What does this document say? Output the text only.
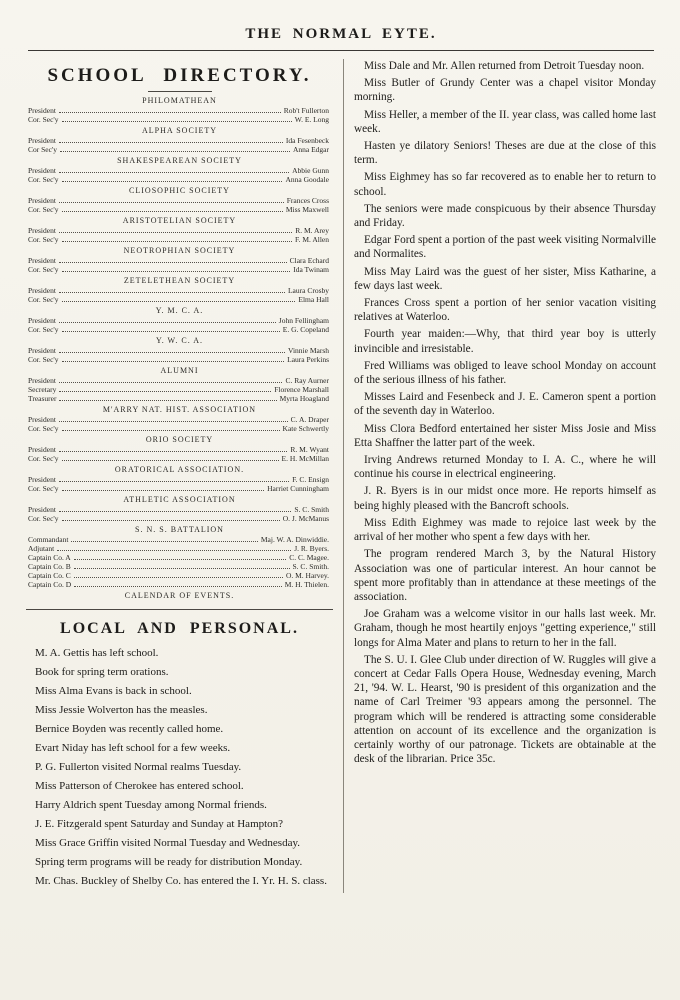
THE NORMAL EYTE.
SCHOOL DIRECTORY.
PHILOMATHEAN
President	Rob't Fullerton
Cor. Sec'y	W. E. Long
ALPHA SOCIETY
President	Ida Fesenbeck
Cor Sec'y	Anna Edgar
SHAKESPEAREAN SOCIETY
President	Abbie Gunn
Cor. Sec'y	Anna Goodale
CLIOSOPHIC SOCIETY
President	Frances Cross
Cor. Sec'y	Miss Maxwell
ARISTOTELIAN SOCIETY
President	R. M. Arey
Cor. Sec'y	F. M. Allen
NEOTROPHIAN SOCIETY
President	Clara Echard
Cor. Sec'y	Ida Twinam
ZETELETHEAN SOCIETY
President	Laura Crosby
Cor. Sec'y	Elma Hall
Y. M. C. A.
President	John Fellingham
Cor. Sec'y	E. G. Copeland
Y. W. C. A.
President	Vinnie Marsh
Cor. Sec'y	Laura Perkins
ALUMNI
President	C. Ray Aurner
Secretary	Florence Marshall
Treasurer	Myrta Hoagland
M'ARRY NAT. HIST. ASSOCIATION
President	C. A. Draper
Cor. Sec'y	Kate Schwertly
ORIO SOCIETY
President	R. M. Wyant
Cor. Sec'y	E. H. McMillan
ORATORICAL ASSOCIATION.
President	F. C. Ensign
Cor. Sec'y	Harriet Cunningham
ATHLETIC ASSOCIATION
President	S. C. Smith
Cor. Sec'y	O. J. McManus
S. N. S. BATTALION
Commandant	Maj. W. A. Dinwiddie.
Adjutant	J. R. Byers.
Captain Co. A	C. C. Magee.
Captain Co. B	S. C. Smith.
Captain Co. C	O. M. Harvey.
Captain Co. D	M. H. Thielen.
CALENDAR OF EVENTS.
LOCAL AND PERSONAL.

M. A. Gettis has left school.

Book for spring term orations.

Miss Alma Evans is back in school.

Miss Jessie Wolverton has the measles.

Bernice Boyden was recently called home.

Evart Niday has left school for a few weeks.

P. G. Fullerton visited Normal realms Tuesday.

Miss Patterson of Cherokee has entered school.

Harry Aldrich spent Tuesday among Normal friends.

J. E. Fitzgerald spent Saturday and Sunday at Hampton?

Miss Grace Griffin visited Normal Tuesday and Wednesday.

Spring term programs will be ready for distribution Monday.

Mr. Chas. Buckley of Shelby Co. has entered the I. Yr. H. S. class.

Miss Dale and Mr. Allen returned from Detroit Tuesday noon.

Miss Butler of Grundy Center was a chapel visitor Monday morning.

Miss Heller, a member of the II. year class, was called home last week.

Hasten ye dilatory Seniors! Theses are due at the close of this term.

Miss Eighmey has so far recovered as to enable her to return to school.

The seniors were made conspicuous by their absence Thursday and Friday.

Edgar Ford spent a portion of the past week visiting Normalville and Normalites.

Miss May Laird was the guest of her sister, Miss Katharine, a few days last week.

Frances Cross spent a portion of her senior vacation visiting relatives at Waterloo.

Fourth year maiden:—Why, that third year boy is utterly invincible and irresistable.

Fred Williams was obliged to leave school Monday on account of the serious illness of his father.

Misses Laird and Fesenbeck and J. E. Cameron spent a portion of the seventh day in Waterloo.

Miss Clora Bedford entertained her sister Miss Josie and Miss Etta Shaffner the latter part of the week.

Irving Andrews returned Monday to I. A. C., where he will continue his course in electrical engineering.

J. R. Byers is in our midst once more. He reports himself as being highly pleased with the Bancroft schools.

Miss Edith Eighmey was made to rejoice last week by the arrival of her mother who spent a few days with her.

The program rendered March 3, by the Natural History Association was one of particular interest. An hour cannot be spent more profitably than in attendance at these meetings of the association.

Joe Graham was a welcome visitor in our halls last week. Mr. Graham, though he most heartily enjoys "getting experience," still longs for Alma Mater and plans to return to her in the fall.

The S. U. I. Glee Club under direction of W. Ruggles will give a concert at Cedar Falls Opera House, Wednesday evening, March 21, '94. W. L. Hearst, '90 is president of this organization and the name of Carl Treimer '93 appears among the personnel. The program which will be rendered is attracting some considerable attention on account of its excellence and the organization is certainly worthy of our patronage. Tickets are obtainable at the desk of the librarian. Price 35c.
